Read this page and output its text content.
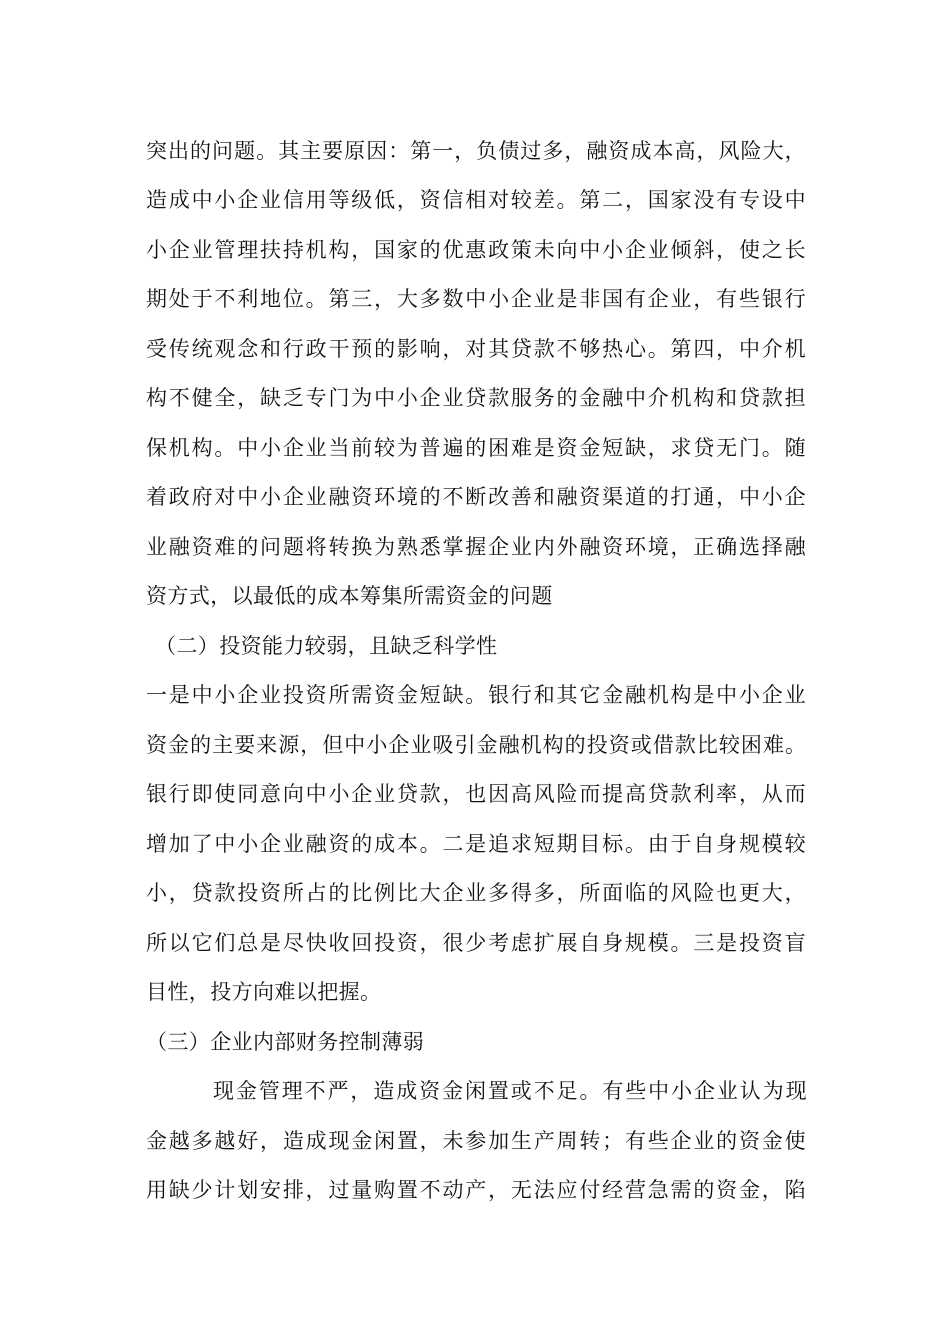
突出的问题。其主要原因：第一，负债过多，融资成本高，风险大，
造成中小企业信用等级低，资信相对较差。第二，国家没有专设中
小企业管理扶持机构，国家的优惠政策未向中小企业倾斜，使之长
期处于不利地位。第三，大多数中小企业是非国有企业，有些银行
受传统观念和行政干预的影响，对其贷款不够热心。第四，中介机
构不健全，缺乏专门为中小企业贷款服务的金融中介机构和贷款担
保机构。中小企业当前较为普遍的困难是资金短缺，求贷无门。随
着政府对中小企业融资环境的不断改善和融资渠道的打通，中小企
业融资难的问题将转换为熟悉掌握企业内外融资环境，正确选择融
资方式，以最低的成本筹集所需资金的问题
（二）投资能力较弱，且缺乏科学性
一是中小企业投资所需资金短缺。银行和其它金融机构是中小企业
资金的主要来源，但中小企业吸引金融机构的投资或借款比较困难。
银行即使同意向中小企业贷款，也因高风险而提高贷款利率，从而
增加了中小企业融资的成本。二是追求短期目标。由于自身规模较
小，贷款投资所占的比例比大企业多得多，所面临的风险也更大，
所以它们总是尽快收回投资，很少考虑扩展自身规模。三是投资盲
目性，投方向难以把握。
（三）企业内部财务控制薄弱
现金管理不严，造成资金闲置或不足。有些中小企业认为现
金越多越好，造成现金闲置，未参加生产周转；有些企业的资金使
用缺少计划安排，过量购置不动产，无法应付经营急需的资金，陷
